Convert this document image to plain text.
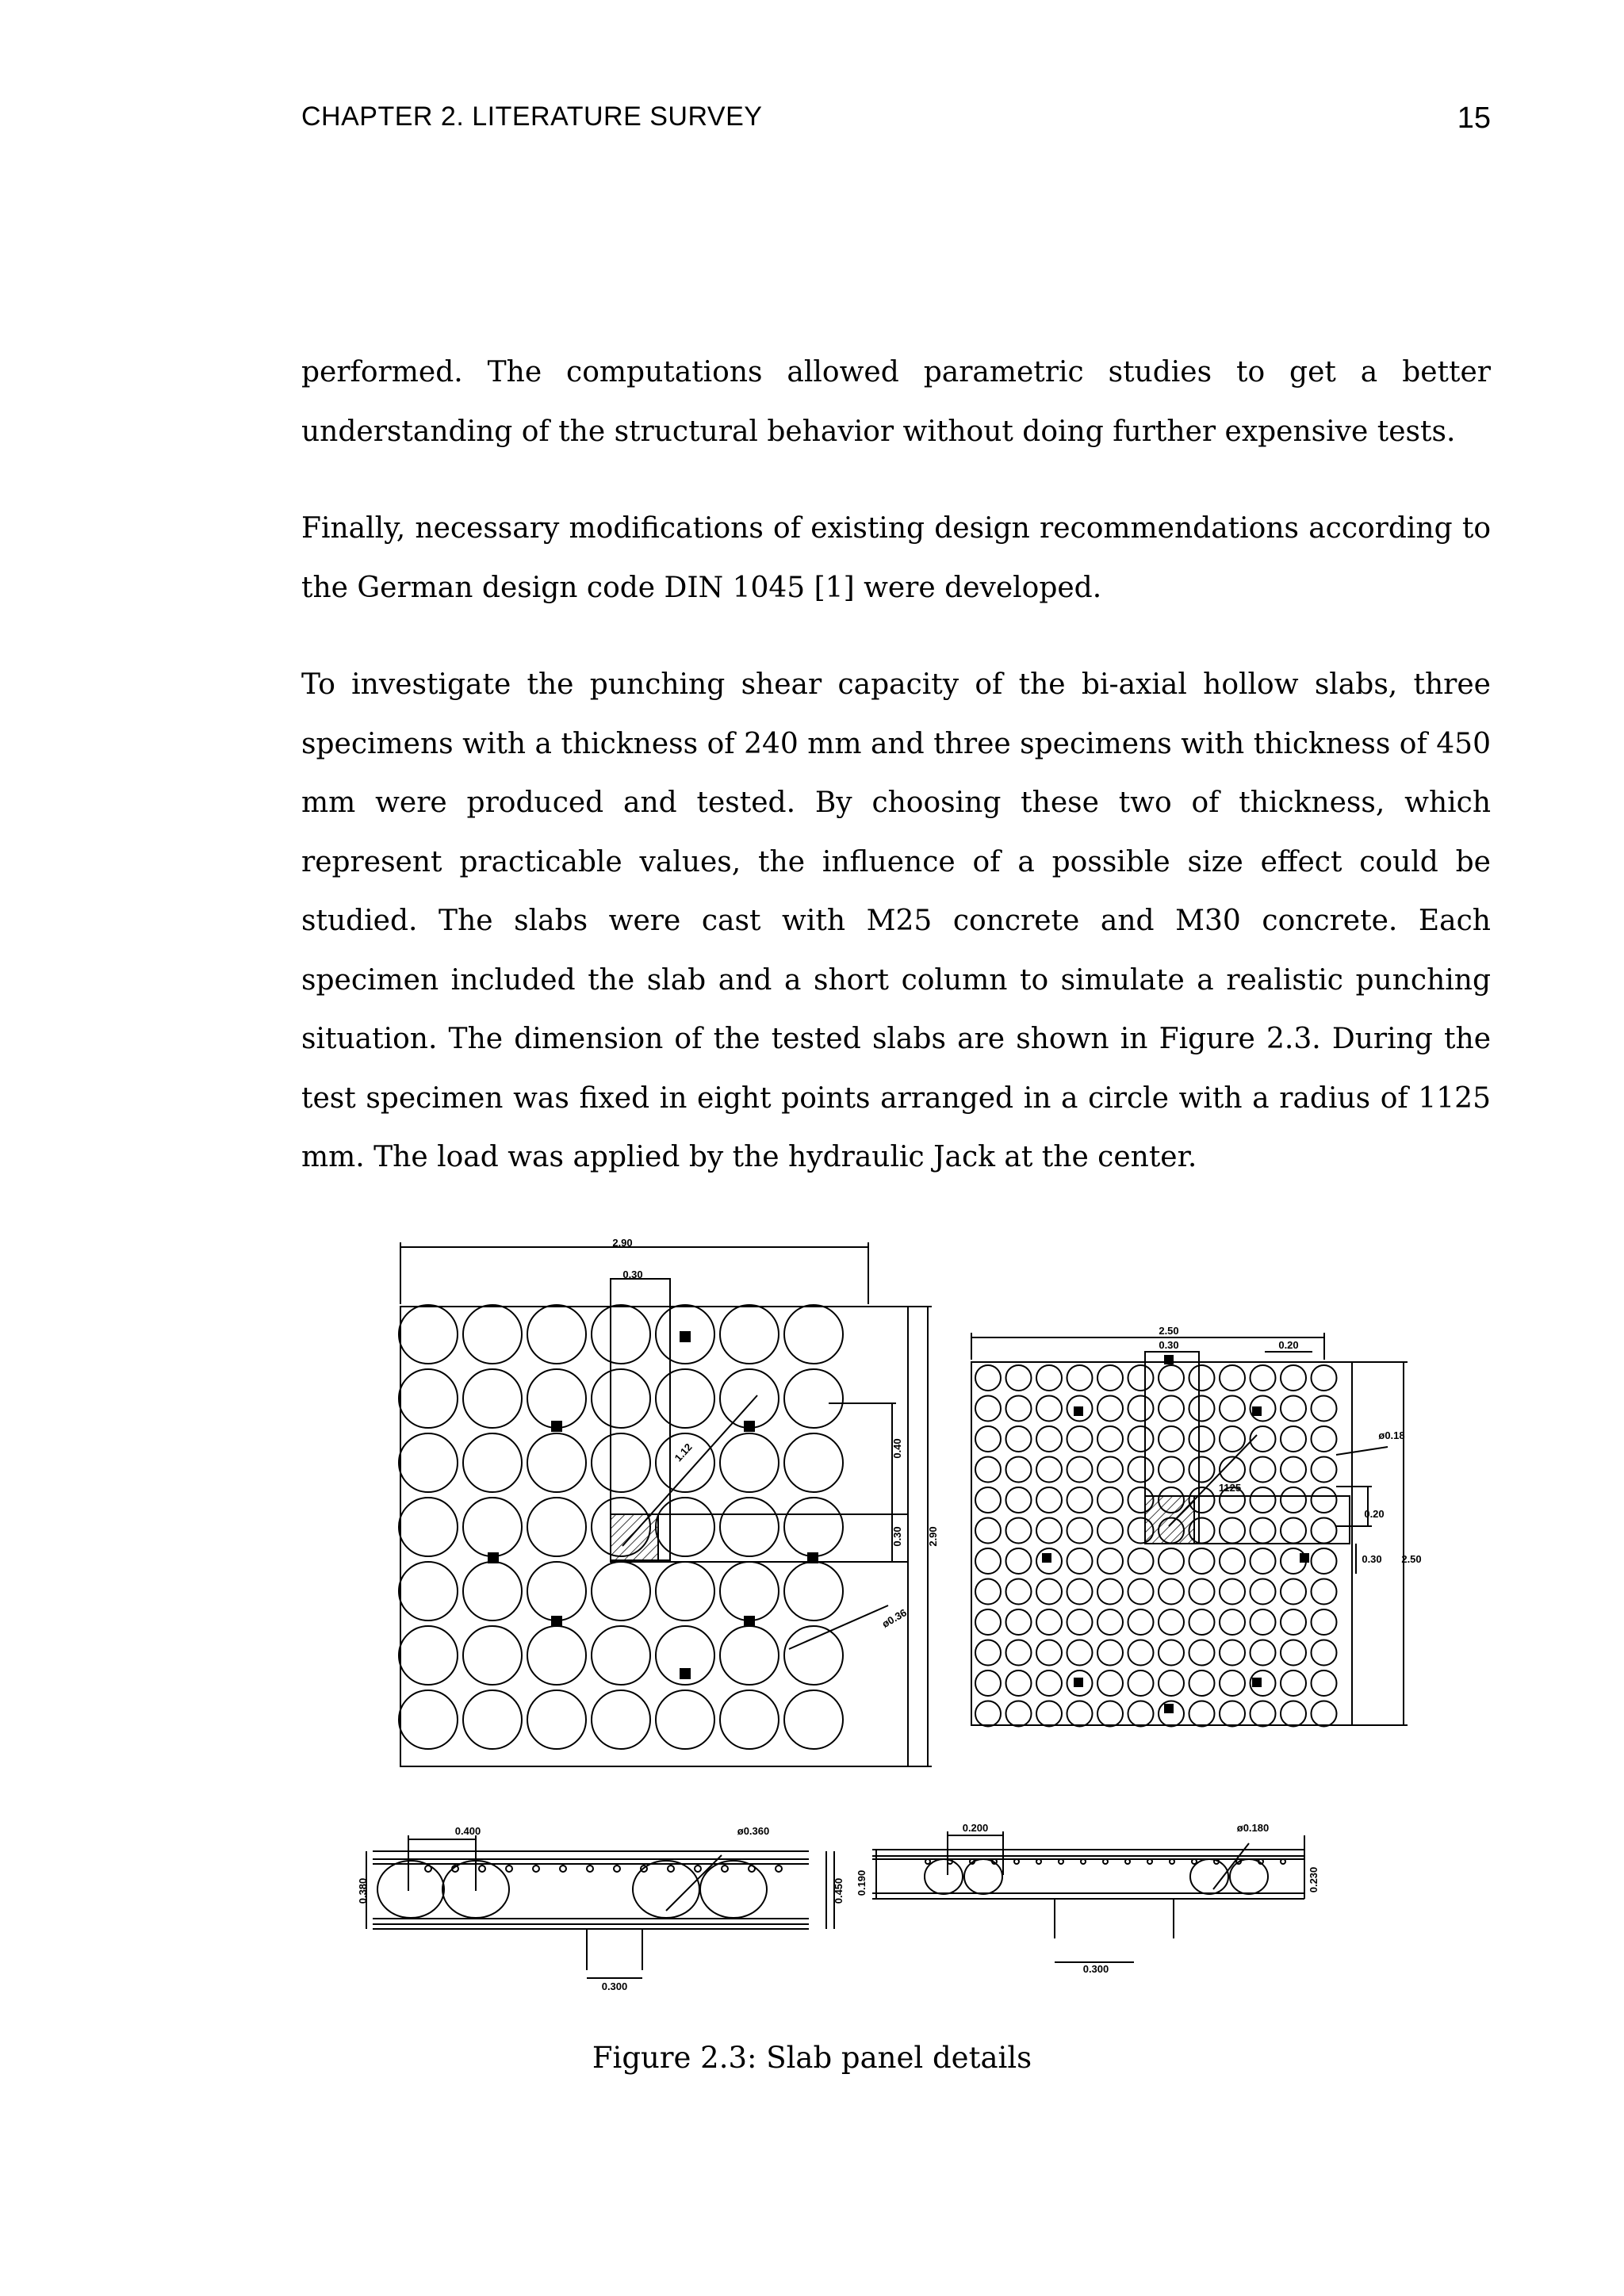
CHAPTER 2. LITERATURE SURVEY	15

performed. The computations allowed parametric studies to get a better understanding of the structural behavior without doing further expensive tests.

Finally, necessary modifications of existing design recommendations according to the German design code DIN 1045 [1] were developed.

To investigate the punching shear capacity of the bi-axial hollow slabs, three specimens with a thickness of 240 mm and three specimens with thickness of 450 mm were produced and tested. By choosing these two of thickness, which represent practicable values, the influence of a possible size effect could be studied. The slabs were cast with M25 concrete and M30 concrete. Each specimen included the slab and a short column to simulate a realistic punching situation. The dimension of the tested slabs are shown in Figure 2.3. During the test specimen was fixed in eight points arranged in a circle with a radius of 1125 mm. The load was applied by the hydraulic Jack at the center.

2.90
0.30
0.40
0.30 2.90
1.12
ø0.36
2.50
0.30	0.20
ø0.18
0.20
1125
0.30 2.50
0.400	ø0.360
0.380	0.450
0.300
0.200	ø0.180
0.190	0.230
0.300
Figure 2.3: Slab panel details
